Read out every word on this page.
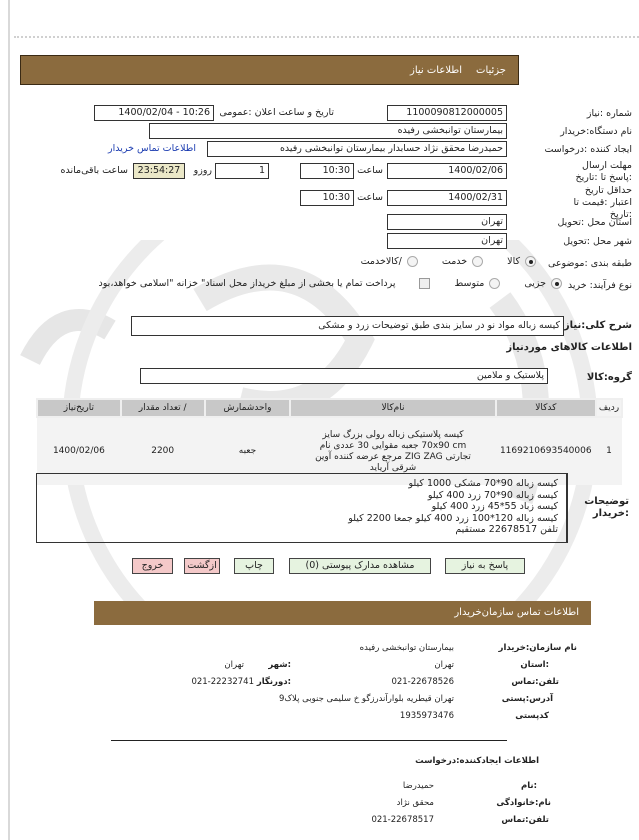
جزئیات
اطلاعات نیاز
شماره :نیاز
1100090812000005
تاریخ و ساعت اعلان :عمومی
1400/02/04 - 10:26
نام دستگاه:خریدار
بیمارستان توانبخشی رفیده
ایجاد کننده :درخواست
حمیدرضا محقق نژاد حسابدار بیمارستان توانبخشی رفیده
اطلاعات تماس خریدار
مهلت ارسال :پاسخ تا :تاریخ
1400/02/06
ساعت
10:30
1
روزو
23:54:27
ساعت باقی‌مانده
حداقل تاریخ اعتبار :قیمت تا :تاریخ
1400/02/31
ساعت
10:30
استان محل :تحویل
تهران
شهر محل :تحویل
تهران
طبقه بندی :موضوعی
کالا
خدمت
/کالاخدمت
نوع فرآیند: خرید
جزیی
متوسط
پرداخت تمام یا بخشی از مبلغ خریداز محل اسناد" خزانه "اسلامی خواهد،بود
شرح کلی:نیاز
کیسه زباله مواد نو در سایز بندی طبق توضیحات زرد و مشکی
اطلاعات کالاهای موردنیاز
گروه:کالا
پلاستیک و ملامین
ردیف	کدکالا	نام‌کالا	واحدشمارش	/ تعداد مقدار	تاریخ‌نیاز
1	1169210693540006	کیسه پلاستیکی زباله رولی بزرگ سایز 70x90 cm جعبه مقوایی 30 عددی نام تجارتی ZIG ZAG مرجع عرضه کننده آوین شرقی آریاید	جعبه	2200	1400/02/06
توضیحات :خریدار
کیسه زباله 90*70 مشکی 1000 کیلو
کیسه زباله 90*70 زرد 400 کیلو
کیسه زباد 55*45 زرد 400 کیلو
کیسه زباله 120*100 زرد 400 کیلو جمعا 2200 کیلو
تلفن 22678517 مستقیم
پاسخ به نیاز
مشاهده مدارک پیوستی (0)
چاپ
ازگشت
خروج
اطلاعات تماس سازمان‌خریدار
نام سازمان:خریدار
بیمارستان توانبخشی رفیده
:استان
تهران
:شهر
تهران
تلفن:تماس
021-22678526
:دورنگار
021-22232741
آدرس:پستی
تهران قیطریه بلوارآندرزگو خ سلیمی جنوبی پلاک9
کدپستی
1935973476
اطلاعات ایجادکننده:درخواست
:نام
حمیدرضا
نام:خانوادگی
محقق نژاد
تلفن:تماس
021-22678517
